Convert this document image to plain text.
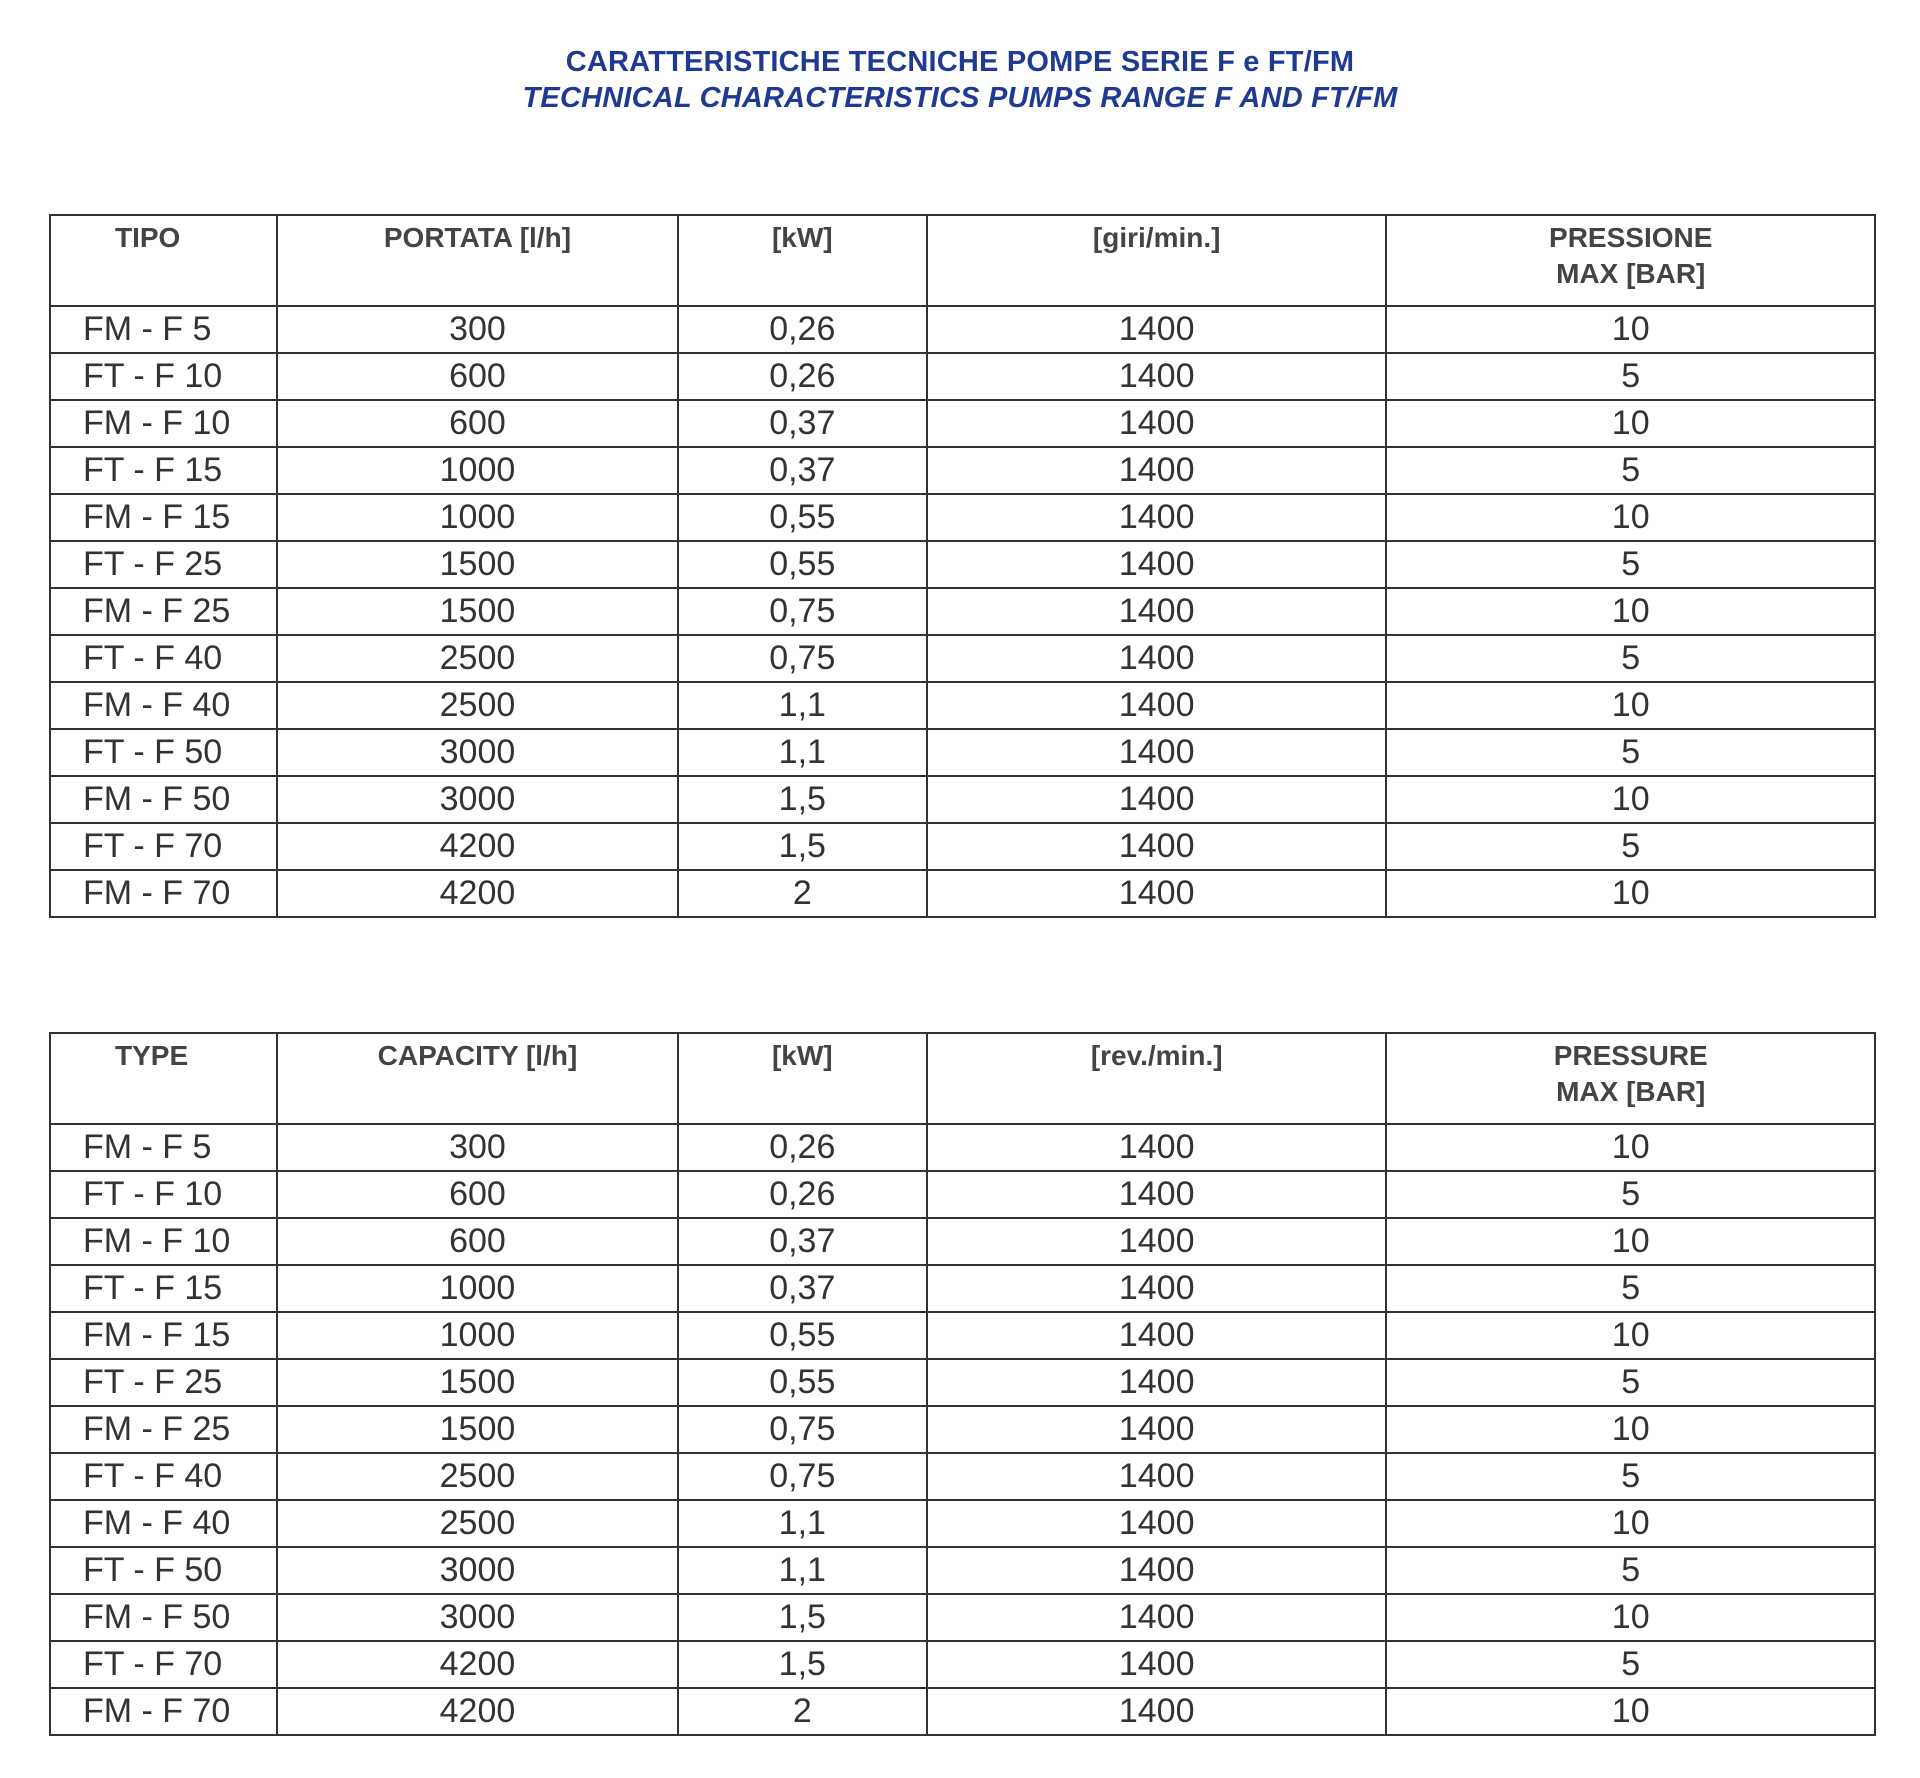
CARATTERISTICHE TECNICHE POMPE SERIE F e FT/FM
TECHNICAL CHARACTERISTICS PUMPS RANGE F AND FT/FM
TIPO	PORTATA [l/h]	[kW]	[giri/min.]	PRESSIONE
MAX [BAR]

FM - F 5	300	0,26	1400	10
FT - F 10	600	0,26	1400	5
FM - F 10	600	0,37	1400	10
FT - F 15	1000	0,37	1400	5
FM - F 15	1000	0,55	1400	10
FT - F 25	1500	0,55	1400	5
FM - F 25	1500	0,75	1400	10
FT - F 40	2500	0,75	1400	5
FM - F 40	2500	1,1	1400	10
FT - F 50	3000	1,1	1400	5
FM - F 50	3000	1,5	1400	10
FT - F 70	4200	1,5	1400	5
FM - F 70	4200	2	1400	10
TYPE	CAPACITY [l/h]	[kW]	[rev./min.]	PRESSURE
MAX [BAR]

FM - F 5	300	0,26	1400	10
FT - F 10	600	0,26	1400	5
FM - F 10	600	0,37	1400	10
FT - F 15	1000	0,37	1400	5
FM - F 15	1000	0,55	1400	10
FT - F 25	1500	0,55	1400	5
FM - F 25	1500	0,75	1400	10
FT - F 40	2500	0,75	1400	5
FM - F 40	2500	1,1	1400	10
FT - F 50	3000	1,1	1400	5
FM - F 50	3000	1,5	1400	10
FT - F 70	4200	1,5	1400	5
FM - F 70	4200	2	1400	10
